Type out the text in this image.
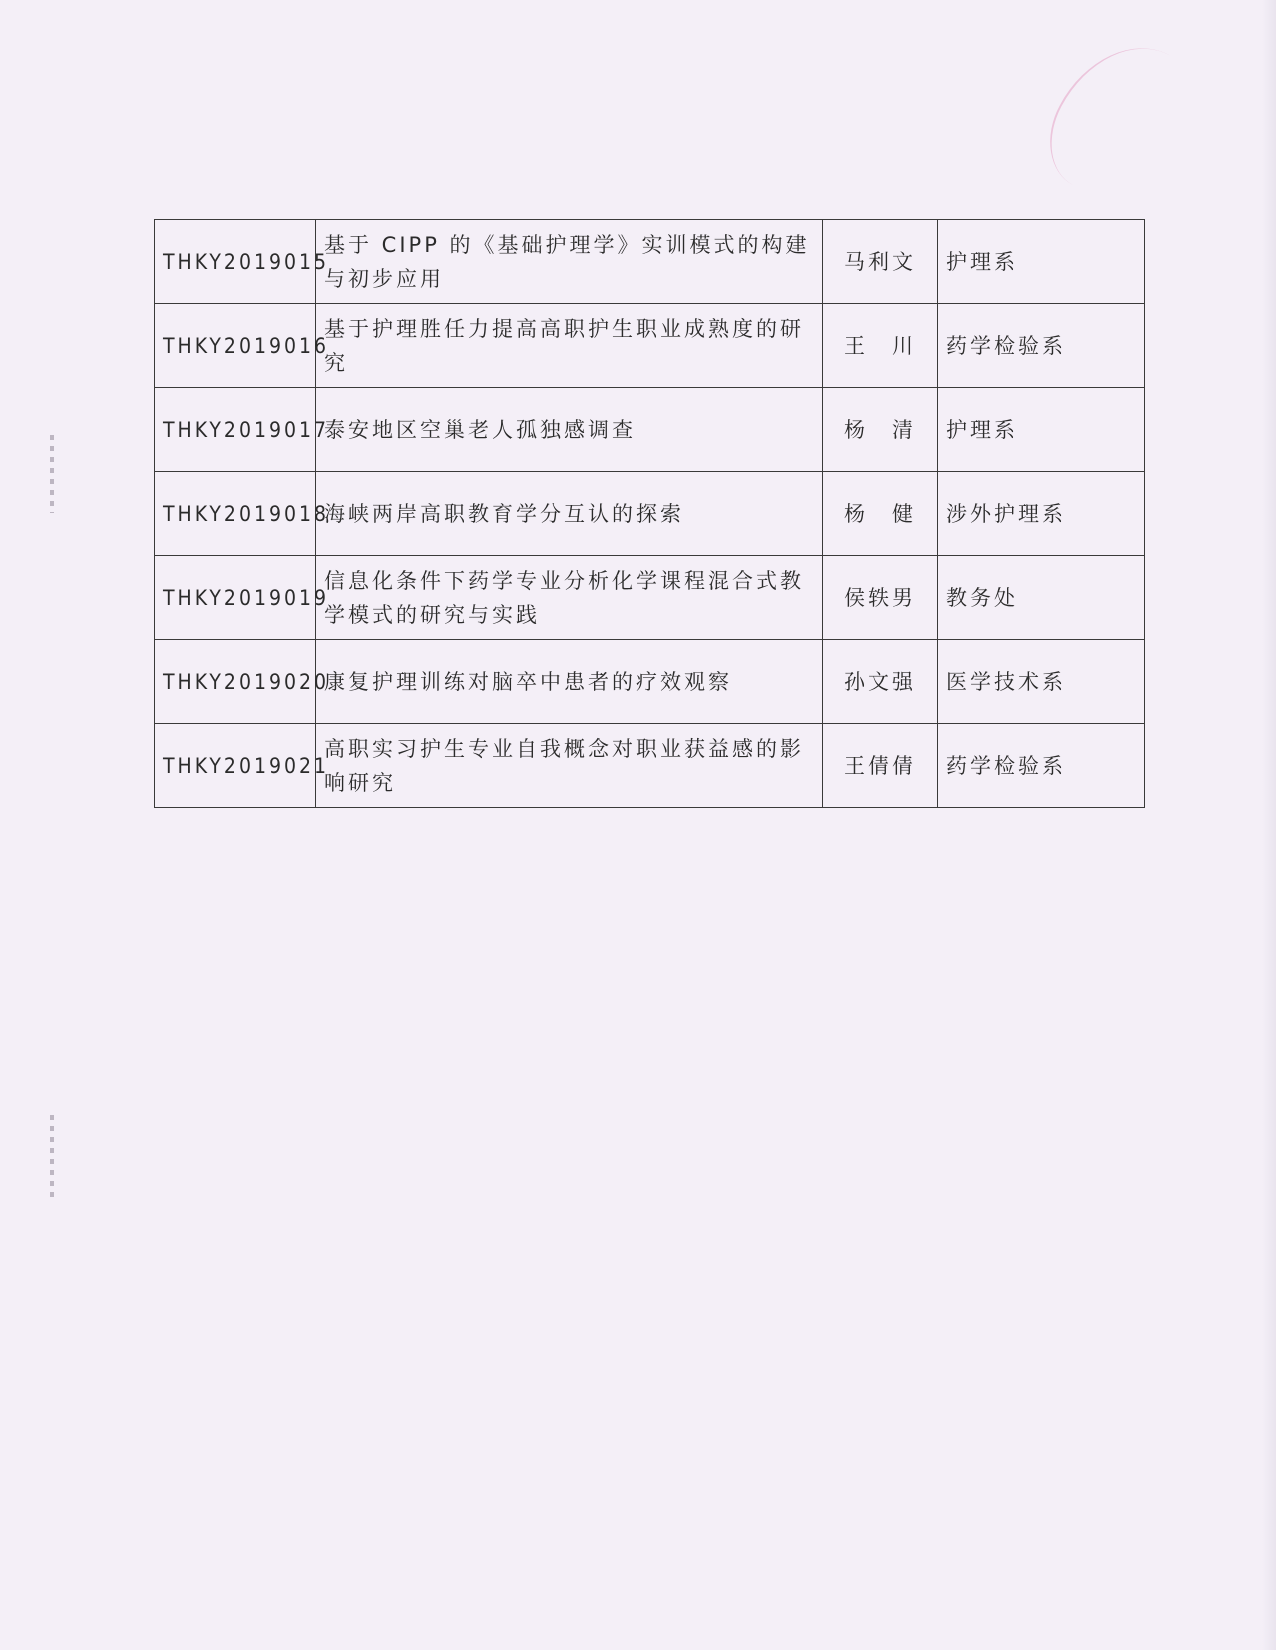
THKY2019015	基于 CIPP 的《基础护理学》实训模式的构建与初步应用	马利文	护理系
THKY2019016	基于护理胜任力提高高职护生职业成熟度的研究	王　川	药学检验系
THKY2019017	泰安地区空巢老人孤独感调查	杨　清	护理系
THKY2019018	海峡两岸高职教育学分互认的探索	杨　健	涉外护理系
THKY2019019	信息化条件下药学专业分析化学课程混合式教学模式的研究与实践	侯轶男	教务处
THKY2019020	康复护理训练对脑卒中患者的疗效观察	孙文强	医学技术系
THKY2019021	高职实习护生专业自我概念对职业获益感的影响研究	王倩倩	药学检验系
